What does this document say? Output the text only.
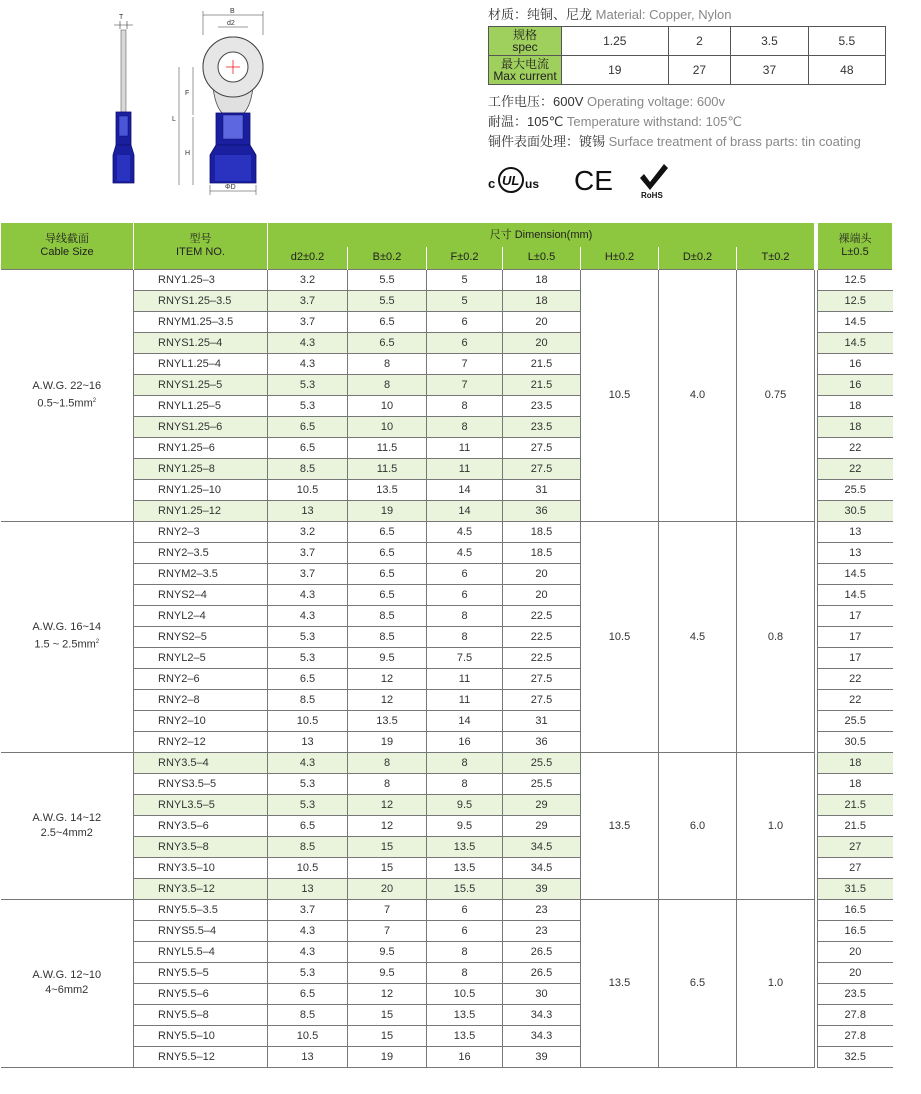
T
B
d2
F
L
H
ΦD
材质：纯铜、尼龙 Material: Copper, Nylon
规格
spec	1.25	2	3.5	5.5
最大电流
Max current	19	27	37	48
工作电压：600V Operating voltage: 600v
耐温：105℃ Temperature withstand: 105℃
铜件表面处理：镀锡 Surface treatment of brass parts: tin coating
c UL us CE	RoHS
导线截面
Cable Size	型号
ITEM NO.	尺寸 Dimension(mm)								裸端头
L±0.5
		d2±0.2	B±0.2	F±0.2	L±0.5	H±0.2	D±0.2	T±0.2		
A.W.G. 22~16
$0.5\sim 1.5mm^2$	RNY1.25–3	3.2	5.5	5	18	10.5	4.0	0.75		12.5
	RNYS1.25–3.5	3.7	5.5	5	18					12.5
	RNYM1.25–3.5	3.7	6.5	6	20					14.5
	RNYS1.25–4	4.3	6.5	6	20					14.5
	RNYL1.25–4	4.3	8	7	21.5					16
	RNYS1.25–5	5.3	8	7	21.5					16
	RNYL1.25–5	5.3	10	8	23.5					18
	RNYS1.25–6	6.5	10	8	23.5					18
	RNY1.25–6	6.5	11.5	11	27.5					22
	RNY1.25–8	8.5	11.5	11	27.5					22
	RNY1.25–10	10.5	13.5	14	31					25.5
	RNY1.25–12	13	19	14	36					30.5
A.W.G. 16~14
1.5 ~ $2.5mm^2$	RNY2–3	3.2	6.5	4.5	18.5	10.5	4.5	0.8		13
	RNY2–3.5	3.7	6.5	4.5	18.5					13
	RNYM2–3.5	3.7	6.5	6	20					14.5
	RNYS2–4	4.3	6.5	6	20					14.5
	RNYL2–4	4.3	8.5	8	22.5					17
	RNYS2–5	5.3	8.5	8	22.5					17
	RNYL2–5	5.3	9.5	7.5	22.5					17
	RNY2–6	6.5	12	11	27.5					22
	RNY2–8	8.5	12	11	27.5					22
	RNY2–10	10.5	13.5	14	31					25.5
	RNY2–12	13	19	16	36					30.5
A.W.G. 14~12
2.5~4mm2	RNY3.5–4	4.3	8	8	25.5	13.5	6.0	1.0		18
	RNYS3.5–5	5.3	8	8	25.5					18
	RNYL3.5–5	5.3	12	9.5	29					21.5
	RNY3.5–6	6.5	12	9.5	29					21.5
	RNY3.5–8	8.5	15	13.5	34.5					27
	RNY3.5–10	10.5	15	13.5	34.5					27
	RNY3.5–12	13	20	15.5	39					31.5
A.W.G. 12~10
4~6mm2	RNY5.5–3.5	3.7	7	6	23	13.5	6.5	1.0		16.5
	RNYS5.5–4	4.3	7	6	23					16.5
	RNYL5.5–4	4.3	9.5	8	26.5					20
	RNY5.5–5	5.3	9.5	8	26.5					20
	RNY5.5–6	6.5	12	10.5	30					23.5
	RNY5.5–8	8.5	15	13.5	34.3					27.8
	RNY5.5–10	10.5	15	13.5	34.3					27.8
	RNY5.5–12	13	19	16	39					32.5
